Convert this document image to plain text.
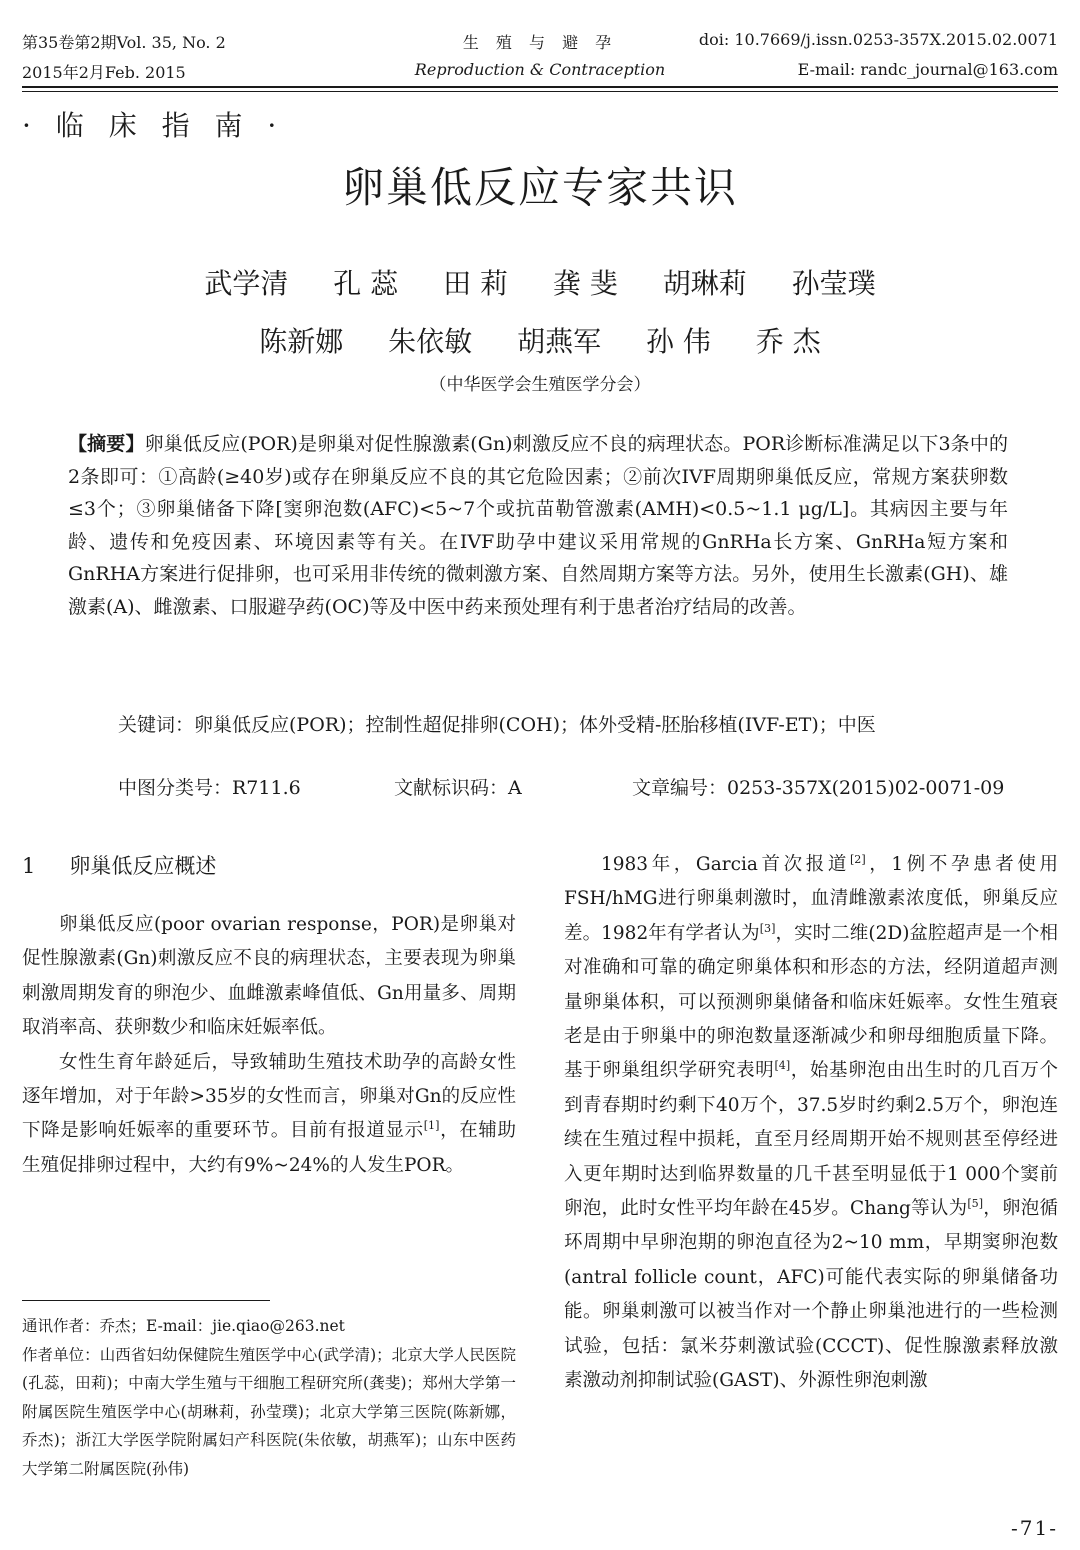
第35卷第2期Vol. 35, No. 2
2015年2月Feb. 2015
生 殖 与 避 孕
Reproduction & Contraception
doi: 10.7669/j.issn.0253-357X.2015.02.0071
E-mail: randc_journal@163.com
· 临 床 指 南 ·
卵巢低反应专家共识
武学清 孔 蕊 田 莉 龚 斐 胡琳莉 孙莹璞
陈新娜 朱依敏 胡燕军 孙 伟 乔 杰
（中华医学会生殖医学分会）
【摘要】卵巢低反应(POR)是卵巢对促性腺激素(Gn)刺激反应不良的病理状态。POR诊断标准满足以下3条中的2条即可：①高龄(≥40岁)或存在卵巢反应不良的其它危险因素；②前次IVF周期卵巢低反应，常规方案获卵数≤3个；③卵巢储备下降[窦卵泡数(AFC)<5~7个或抗苗勒管激素(AMH)<0.5~1.1 μg/L]。其病因主要与年龄、遗传和免疫因素、环境因素等有关。在IVF助孕中建议采用常规的GnRHa长方案、GnRHa短方案和GnRHA方案进行促排卵，也可采用非传统的微刺激方案、自然周期方案等方法。另外，使用生长激素(GH)、雄激素(A)、雌激素、口服避孕药(OC)等及中医中药来预处理有利于患者治疗结局的改善。
关键词：卵巢低反应(POR)；控制性超促排卵(COH)；体外受精-胚胎移植(IVF-ET)；中医
中图分类号：R711.6	文献标识码：A	文章编号：0253-357X(2015)02-0071-09
1 卵巢低反应概述

卵巢低反应(poor ovarian response，POR)是卵巢对促性腺激素(Gn)刺激反应不良的病理状态，主要表现为卵巢刺激周期发育的卵泡少、血雌激素峰值低、Gn用量多、周期取消率高、获卵数少和临床妊娠率低。

女性生育年龄延后，导致辅助生殖技术助孕的高龄女性逐年增加，对于年龄>35岁的女性而言，卵巢对Gn的反应性下降是影响妊娠率的重要环节。目前有报道显示[1]，在辅助生殖促排卵过程中，大约有9%~24%的人发生POR。

通讯作者：乔杰；E-mail：jie.qiao@263.net

作者单位：山西省妇幼保健院生殖医学中心(武学清)；北京大学人民医院(孔蕊，田莉)；中南大学生殖与干细胞工程研究所(龚斐)；郑州大学第一附属医院生殖医学中心(胡琳莉，孙莹璞)；北京大学第三医院(陈新娜，乔杰)；浙江大学医学院附属妇产科医院(朱依敏，胡燕军)；山东中医药大学第二附属医院(孙伟)

1983年，Garcia首次报道[2]，1例不孕患者使用FSH/hMG进行卵巢刺激时，血清雌激素浓度低，卵巢反应差。1982年有学者认为[3]，实时二维(2D)盆腔超声是一个相对准确和可靠的确定卵巢体积和形态的方法，经阴道超声测量卵巢体积，可以预测卵巢储备和临床妊娠率。女性生殖衰老是由于卵巢中的卵泡数量逐渐减少和卵母细胞质量下降。基于卵巢组织学研究表明[4]，始基卵泡由出生时的几百万个到青春期时约剩下40万个，37.5岁时约剩2.5万个，卵泡连续在生殖过程中损耗，直至月经周期开始不规则甚至停经进入更年期时达到临界数量的几千甚至明显低于1 000个窦前卵泡，此时女性平均年龄在45岁。Chang等认为[5]，卵泡循环周期中早卵泡期的卵泡直径为2~10 mm，早期窦卵泡数(antral follicle count，AFC)可能代表实际的卵巢储备功能。卵巢刺激可以被当作对一个静止卵巢池进行的一些检测试验，包括：氯米芬刺激试验(CCCT)、促性腺激素释放激素激动剂抑制试验(GAST)、外源性卵泡刺激

-71-
